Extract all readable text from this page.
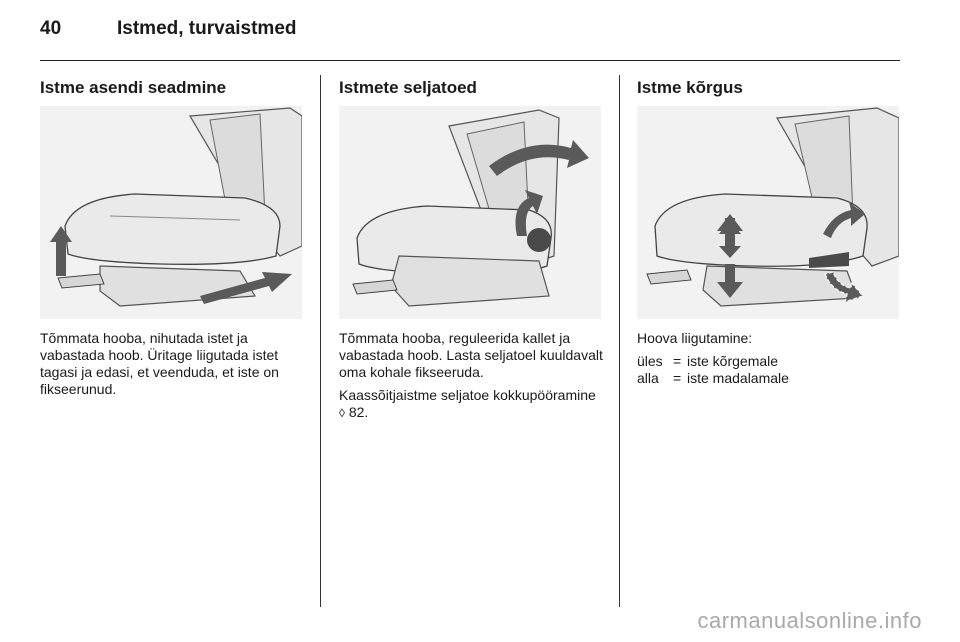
40	Istmed, turvaistmed
Istme asendi seadmine

Tõmmata hooba, nihutada istet ja vabastada hoob. Üritage liigutada istet tagasi ja edasi, et veenduda, et iste on fikseerunud.

Istmete seljatoed

Tõmmata hooba, reguleerida kallet ja vabastada hoob. Lasta seljatoel kuuldavalt oma kohale fikseeruda.

Kaassõitjaistme seljatoe kokkupööramine ◊ 82.

Istme kõrgus

Hoova liigutamine:

üles = iste kõrgemale
alla	= iste madalamale
carmanualsonline.info
